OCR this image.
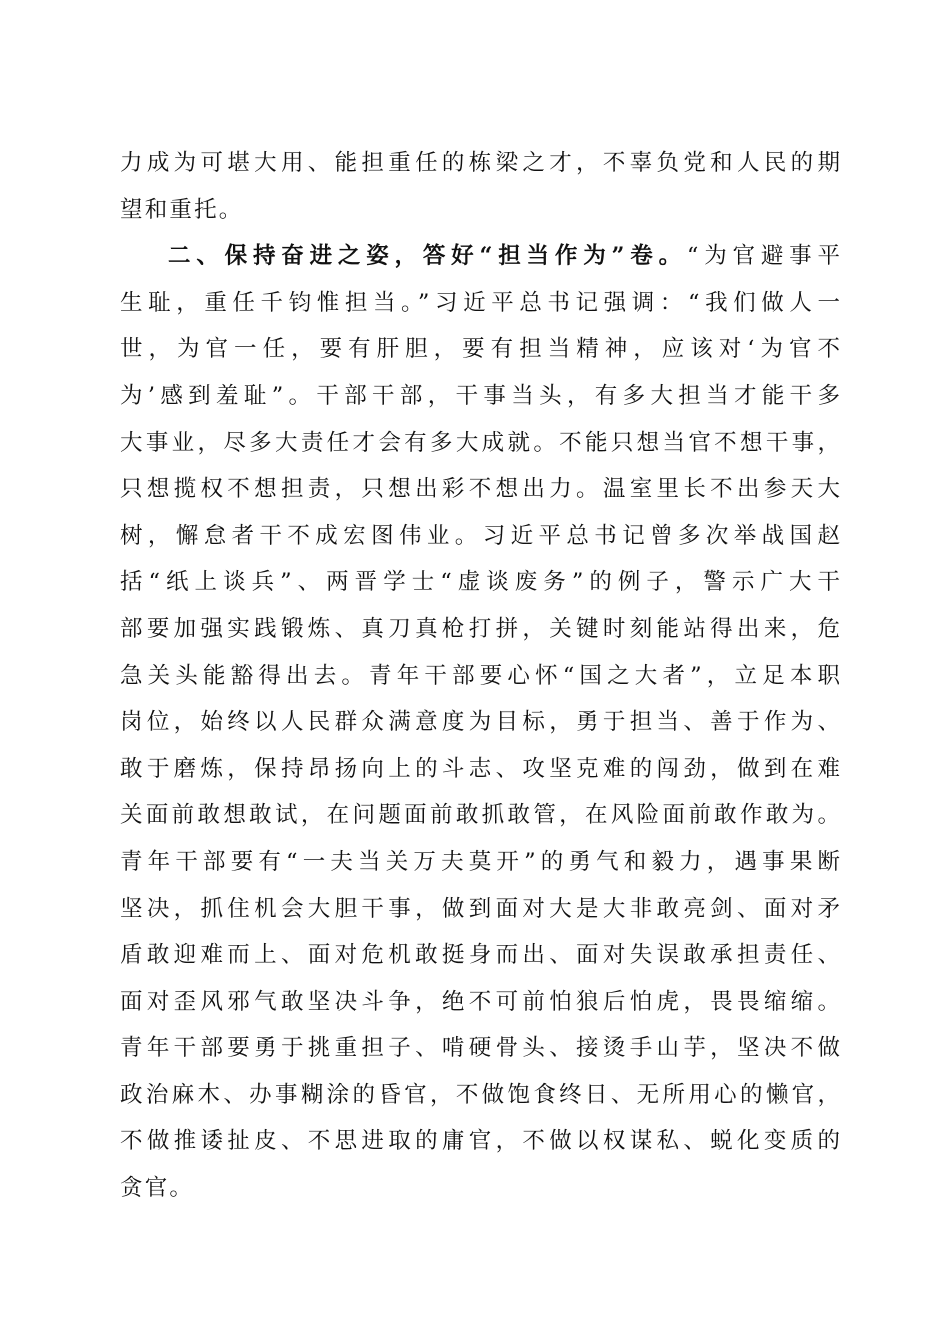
力成为可堪大用、能担重任的栋梁之才，不辜负党和人民的期
望和重托。
二、保持奋进之姿，答好“担当作为”卷。“为官避事平
生耻，重任千钧惟担当。”习近平总书记强调：“我们做人一
世，为官一任，要有肝胆，要有担当精神，应该对‘为官不
为’感到羞耻”。干部干部，干事当头，有多大担当才能干多
大事业，尽多大责任才会有多大成就。不能只想当官不想干事，
只想揽权不想担责，只想出彩不想出力。温室里长不出参天大
树，懈怠者干不成宏图伟业。习近平总书记曾多次举战国赵
括“纸上谈兵”、两晋学士“虚谈废务”的例子，警示广大干
部要加强实践锻炼、真刀真枪打拼，关键时刻能站得出来，危
急关头能豁得出去。青年干部要心怀“国之大者”，立足本职
岗位，始终以人民群众满意度为目标，勇于担当、善于作为、
敢于磨炼，保持昂扬向上的斗志、攻坚克难的闯劲，做到在难
关面前敢想敢试，在问题面前敢抓敢管，在风险面前敢作敢为。
青年干部要有“一夫当关万夫莫开”的勇气和毅力，遇事果断
坚决，抓住机会大胆干事，做到面对大是大非敢亮剑、面对矛
盾敢迎难而上、面对危机敢挺身而出、面对失误敢承担责任、
面对歪风邪气敢坚决斗争，绝不可前怕狼后怕虎，畏畏缩缩。
青年干部要勇于挑重担子、啃硬骨头、接烫手山芋，坚决不做
政治麻木、办事糊涂的昏官，不做饱食终日、无所用心的懒官，
不做推诿扯皮、不思进取的庸官，不做以权谋私、蜕化变质的
贪官。
